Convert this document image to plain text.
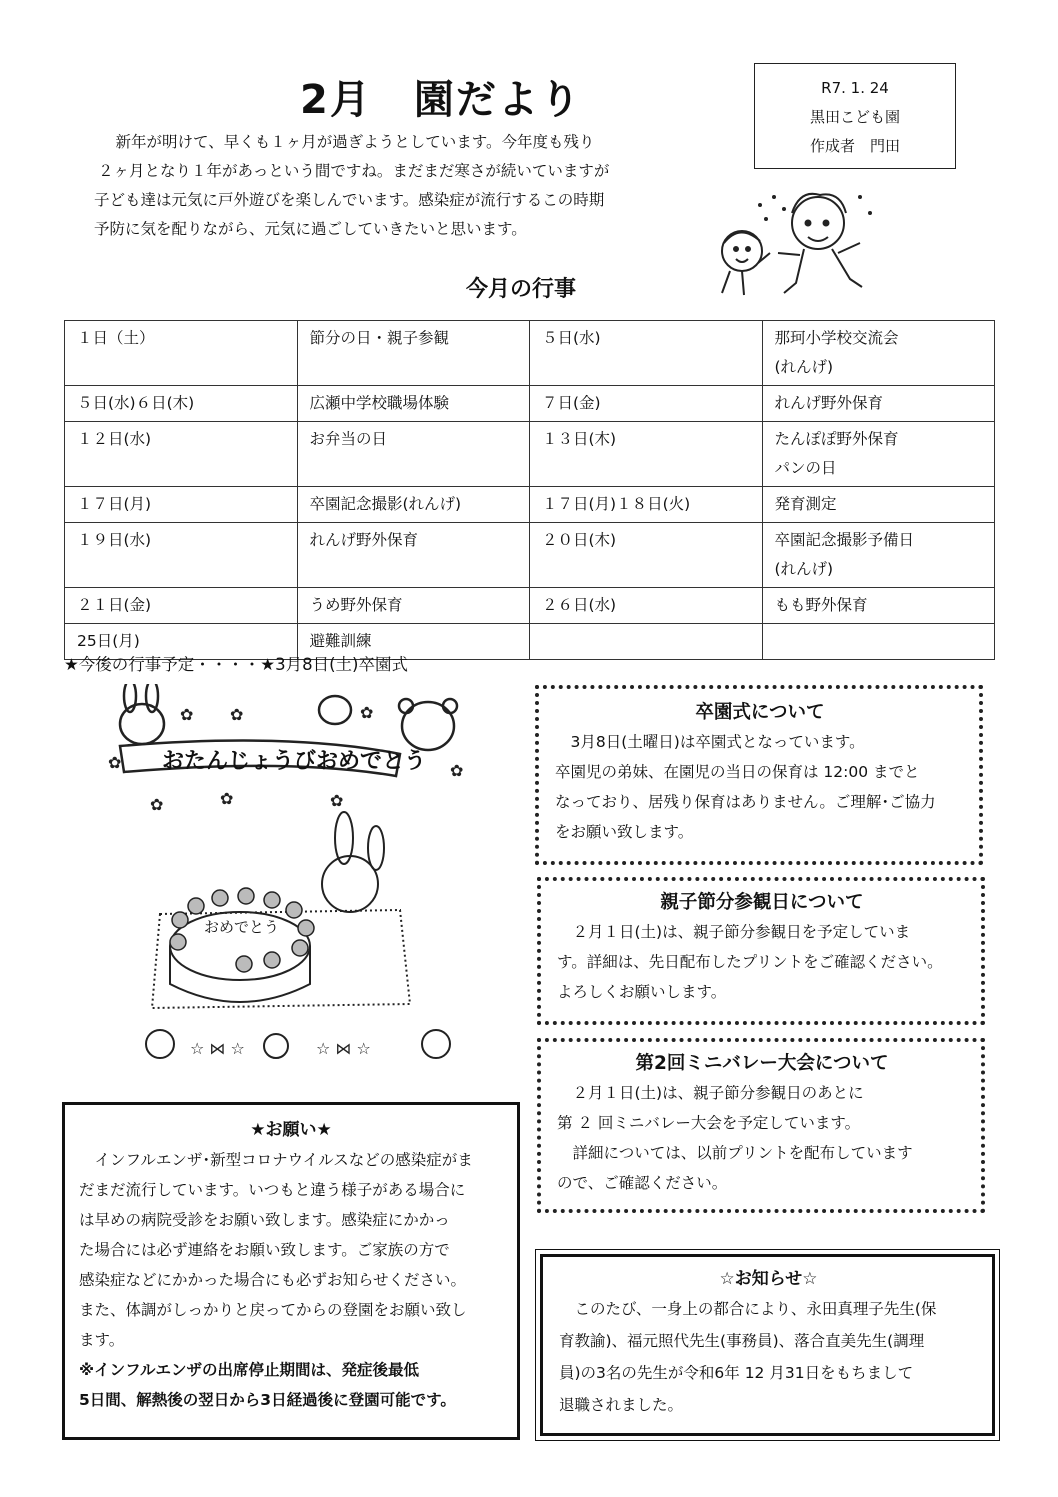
2月　園だより	R7. 1. 24
黒田こども園
作成者　門田

　新年が明けて、早くも１ヶ月が過ぎようとしています。今年度も残り

２ヶ月となり１年があっという間ですね。まだまだ寒さが続いていますが

子ども達は元気に戸外遊びを楽しんでいます。感染症が流行するこの時期

予防に気を配りながら、元気に過ごしていきたいと思います。

今月の行事
１日（土）	節分の日・親子参観	５日(水)	那珂小学校交流会
(れんげ)
５日(水)６日(木)	広瀬中学校職場体験	７日(金)	れんげ野外保育
１２日(水)	お弁当の日	１３日(木)	たんぽぽ野外保育
パンの日
１７日(月)	卒園記念撮影(れんげ)	１７日(月)１８日(火)	発育測定
１９日(水)	れんげ野外保育	２０日(木)	卒園記念撮影予備日
(れんげ)
２１日(金)	うめ野外保育	２６日(水)	もも野外保育
25日(月)	避難訓練		
★今後の行事予定・・・・★3月8日(土)卒園式
おたんじょうびおめでとう
おめでとう
☆ ⋈ ☆	☆ ⋈ ☆
✿	✿
✿ ✿	✿
✿	✿	✿
卒園式について

　3月8日(土曜日)は卒園式となっています。

卒園児の弟妹、在園児の当日の保育は 12:00 までと

なっており、居残り保育はありません。ご理解･ご協力

をお願い致します。

親子節分参観日について

　２月１日(土)は、親子節分参観日を予定していま

す。詳細は、先日配布したプリントをご確認ください。

よろしくお願いします。

第2回ミニバレー大会について

　２月１日(土)は、親子節分参観日のあとに

第 ２ 回ミニバレー大会を予定しています。

　詳細については、以前プリントを配布しています

ので、ご確認ください。

★お願い★

　インフルエンザ･新型コロナウイルスなどの感染症がま

だまだ流行しています。いつもと違う様子がある場合に

は早めの病院受診をお願い致します。感染症にかかっ

た場合には必ず連絡をお願い致します。ご家族の方で

感染症などにかかった場合にも必ずお知らせください。

また、体調がしっかりと戻ってからの登園をお願い致し

ます。

※インフルエンザの出席停止期間は、発症後最低

5日間、解熱後の翌日から3日経過後に登園可能です。

☆お知らせ☆

　このたび、一身上の都合により、永田真理子先生(保

育教諭)、福元照代先生(事務員)、落合直美先生(調理

員)の3名の先生が令和6年 12 月31日をもちまして

退職されました。
